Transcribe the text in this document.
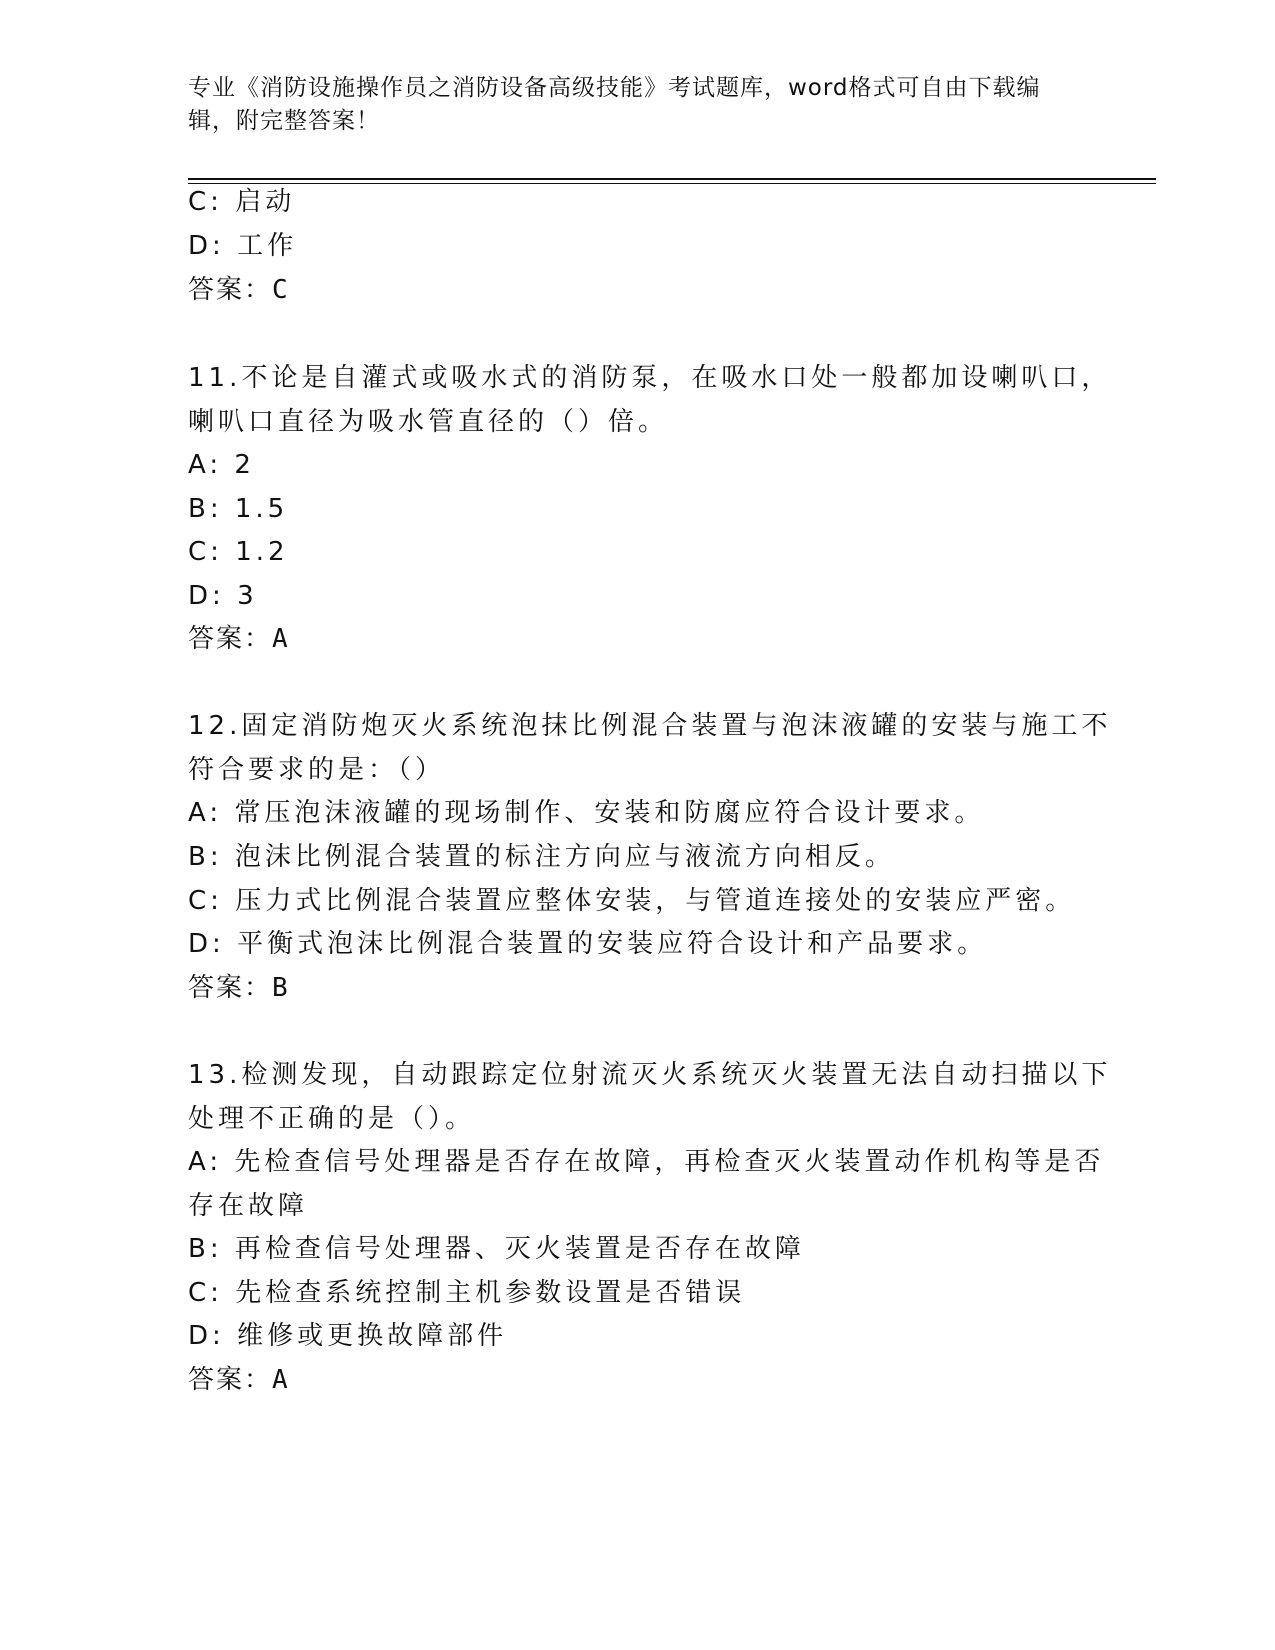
专业《消防设施操作员之消防设备高级技能》考试题库，word格式可自由下载编辑，附完整答案！

C: 启动

D: 工作

答案：C

11.不论是自灌式或吸水式的消防泵，在吸水口处一般都加设喇叭口，

喇叭口直径为吸水管直径的（）倍。

A: 2

B: 1.5

C: 1.2

D: 3

答案：A

12.固定消防炮灭火系统泡抹比例混合装置与泡沫液罐的安装与施工不

符合要求的是：（）

A: 常压泡沫液罐的现场制作、安装和防腐应符合设计要求。

B: 泡沫比例混合装置的标注方向应与液流方向相反。

C: 压力式比例混合装置应整体安装，与管道连接处的安装应严密。

D: 平衡式泡沫比例混合装置的安装应符合设计和产品要求。

答案：B

13.检测发现，自动跟踪定位射流灭火系统灭火装置无法自动扫描以下

处理不正确的是（）。

A: 先检查信号处理器是否存在故障，再检查灭火装置动作机构等是否

存在故障

B: 再检查信号处理器、灭火装置是否存在故障

C: 先检查系统控制主机参数设置是否错误

D: 维修或更换故障部件

答案：A
